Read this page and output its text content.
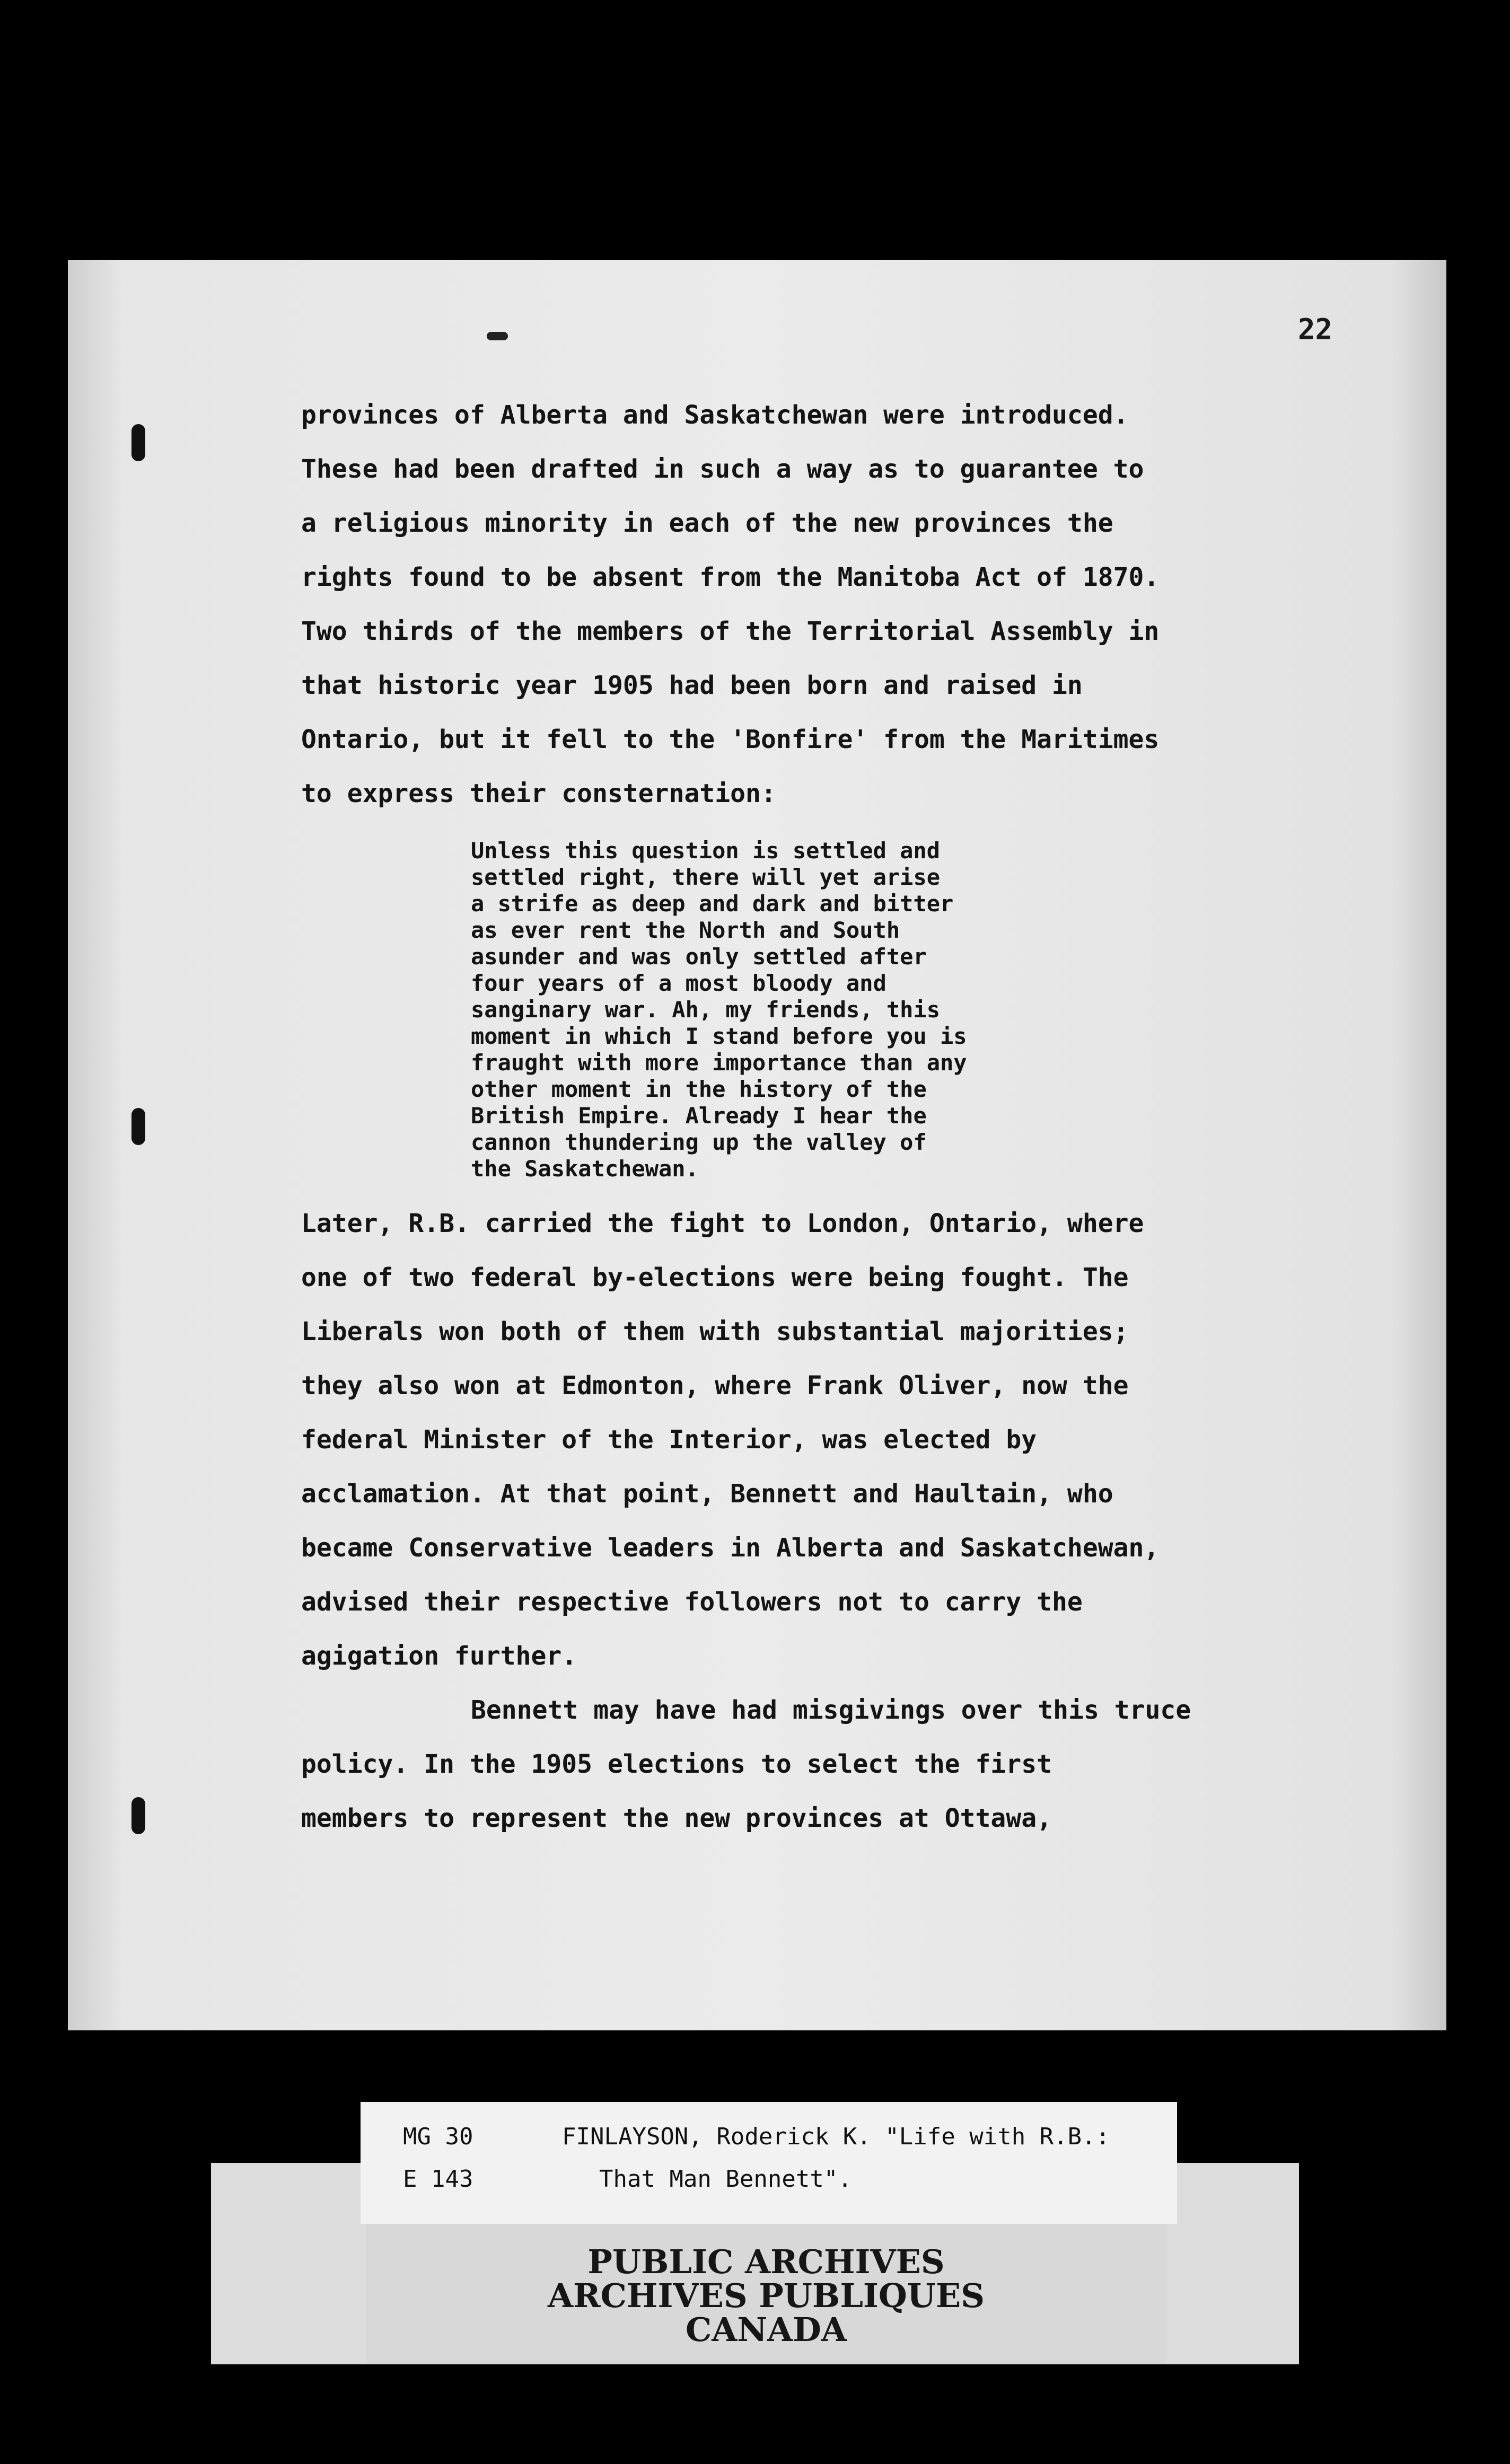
22
provinces of Alberta and Saskatchewan were introduced.
These had been drafted in such a way as to guarantee to
a religious minority in each of the new provinces the
rights found to be absent from the Manitoba Act of 1870.
Two thirds of the members of the Territorial Assembly in
that historic year 1905 had been born and raised in
Ontario, but it fell to the 'Bonfire' from the Maritimes
to express their consternation:
Unless this question is settled and
settled right, there will yet arise
a strife as deep and dark and bitter
as ever rent the North and South
asunder and was only settled after
four years of a most bloody and
sanginary war. Ah, my friends, this
moment in which I stand before you is
fraught with more importance than any
other moment in the history of the
British Empire. Already I hear the
cannon thundering up the valley of
the Saskatchewan.
Later, R.B. carried the fight to London, Ontario, where
one of two federal by-elections were being fought. The
Liberals won both of them with substantial majorities;
they also won at Edmonton, where Frank Oliver, now the
federal Minister of the Interior, was elected by
acclamation. At that point, Bennett and Haultain, who
became Conservative leaders in Alberta and Saskatchewan,
advised their respective followers not to carry the
agigation further.
Bennett may have had misgivings over this truce
policy. In the 1905 elections to select the first
members to represent the new provinces at Ottawa,
MG 30
E 143
FINLAYSON, Roderick K. "Life with R.B.:
That Man Bennett".
PUBLIC ARCHIVES
ARCHIVES PUBLIQUES
CANADA
